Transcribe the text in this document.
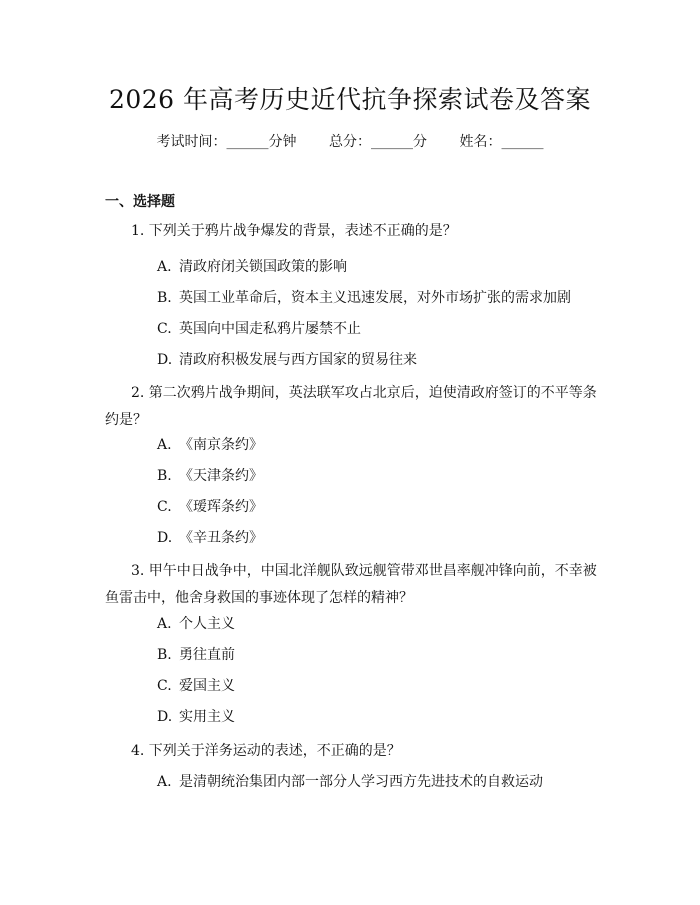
2026 年高考历史近代抗争探索试卷及答案
考试时间：______分钟 总分：______分 姓名：______
一、选择题
1. 下列关于鸦片战争爆发的背景，表述不正确的是？
A. 清政府闭关锁国政策的影响
B. 英国工业革命后，资本主义迅速发展，对外市场扩张的需求加剧
C. 英国向中国走私鸦片屡禁不止
D. 清政府积极发展与西方国家的贸易往来
2. 第二次鸦片战争期间，英法联军攻占北京后，迫使清政府签订的不平等条约是？
A. 《南京条约》
B. 《天津条约》
C. 《瑷珲条约》
D. 《辛丑条约》
3. 甲午中日战争中，中国北洋舰队致远舰管带邓世昌率舰冲锋向前，不幸被鱼雷击中，他舍身救国的事迹体现了怎样的精神？
A. 个人主义
B. 勇往直前
C. 爱国主义
D. 实用主义
4. 下列关于洋务运动的表述，不正确的是？
A. 是清朝统治集团内部一部分人学习西方先进技术的自救运动
